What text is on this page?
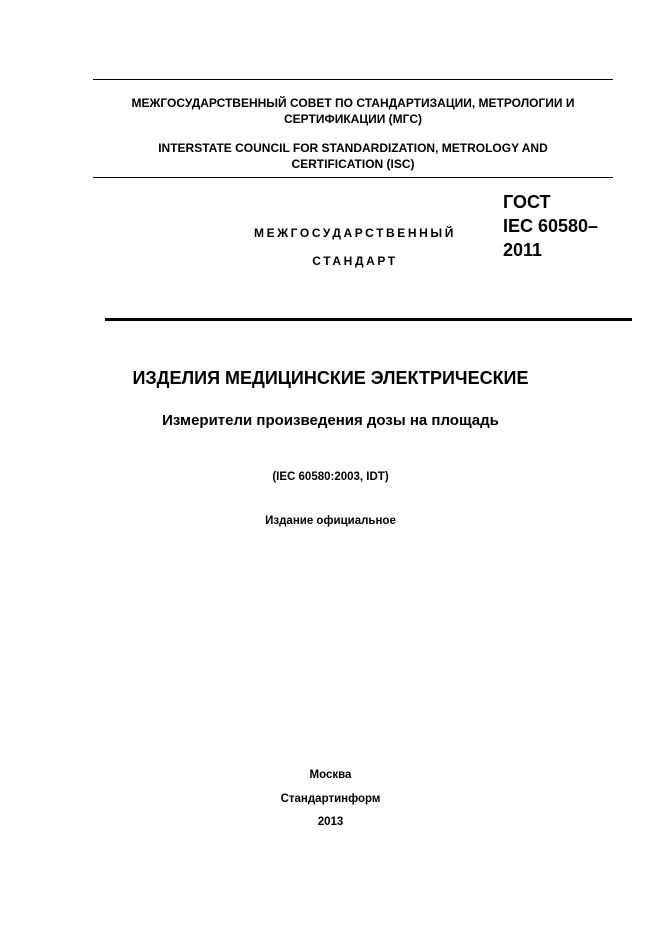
МЕЖГОСУДАРСТВЕННЫЙ СОВЕТ ПО СТАНДАРТИЗАЦИИ, МЕТРОЛОГИИ И
СЕРТИФИКАЦИИ (МГС)
INTERSTATE COUNCIL FOR STANDARDIZATION, METROLOGY AND
CERTIFICATION (ISC)
МЕЖГОСУДАРСТВЕННЫЙ
СТАНДАРТ
ГОСТ
IEC 60580–
2011
ИЗДЕЛИЯ МЕДИЦИНСКИЕ ЭЛЕКТРИЧЕСКИЕ
Измерители произведения дозы на площадь
(IEC 60580:2003, IDT)
Издание официальное
Москва
Стандартинформ
2013
